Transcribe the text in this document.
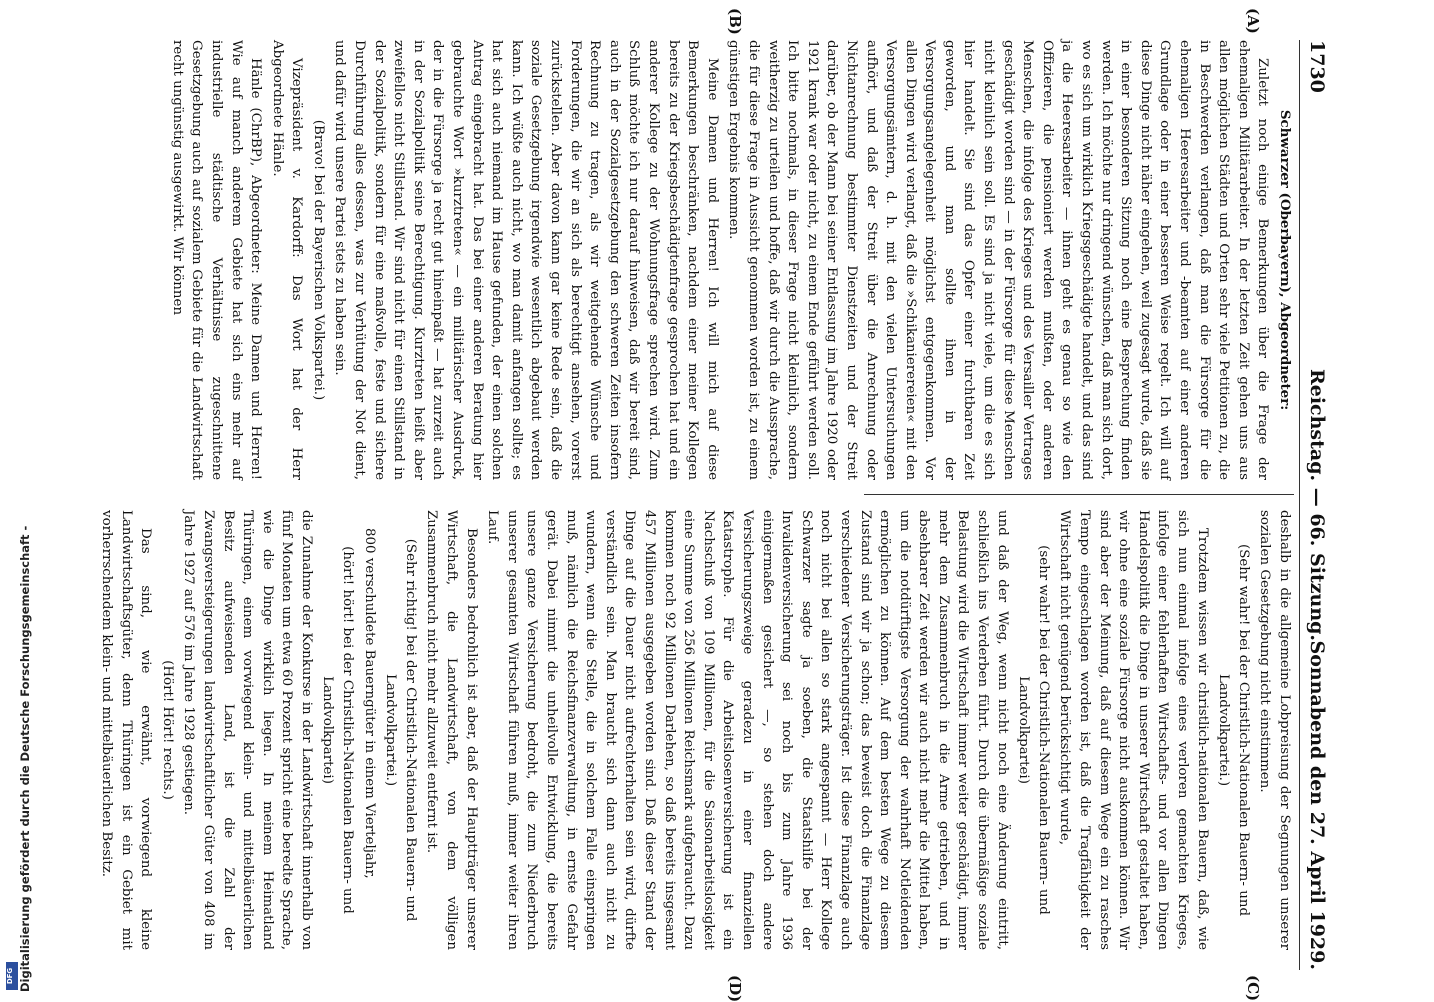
1730
Reichstag. — 66. Sitzung.
Sonnabend den 27. April 1929.
(A)
(B)
(C)
(D)

Schwarzer (Oberbayern), Abgeordneter:

Zuletzt noch einige Bemerkungen über die Frage der ehemaligen Militärarbeiter. In der letzten Zeit gehen uns aus allen möglichen Städten und Orten sehr viele Petitionen zu, die in Beschwerden verlangen, daß man die Fürsorge für die ehemaligen Heeresarbeiter und -beamten auf einer anderen Grundlage oder in einer besseren Weise regelt. Ich will auf diese Dinge nicht näher eingehen, weil zugesagt wurde, daß sie in einer besonderen Sitzung noch eine Besprechung finden werden. Ich möchte nur dringend wünschen, daß man sich dort, wo es sich um wirklich Kriegsgeschädigte handelt, und das sind ja die Heeresarbeiter — ihnen geht es genau so wie den Offizieren, die pensioniert werden mußten, oder anderen Menschen, die infolge des Krieges und des Versailler Vertrages geschädigt worden sind — in der Fürsorge für diese Menschen nicht kleinlich sein soll. Es sind ja nicht viele, um die es sich hier handelt. Sie sind das Opfer einer furchtbaren Zeit geworden, und man sollte ihnen in der Versorgungsangelegenheit möglichst entgegenkommen. Vor allen Dingen wird verlangt, daß die »Schikanierereien« mit den Versorgungsämtern, d. h. mit den vielen Untersuchungen aufhört, und daß der Streit über die Anrechnung oder Nichtanrechnung bestimmter Dienstzeiten und der Streit darüber, ob der Mann bei seiner Entlassung im Jahre 1920 oder 1921 krank war oder nicht, zu einem Ende geführt werden soll. Ich bitte nochmals, in dieser Frage nicht kleinlich, sondern weitherzig zu urteilen und hoffe, daß wir durch die Aussprache, die für diese Frage in Aussicht genommen worden ist, zu einem günstigen Ergebnis kommen.

Meine Damen und Herren! Ich will mich auf diese Bemerkungen beschränken, nachdem einer meiner Kollegen bereits zu der Kriegsbeschädigtenfrage gesprochen hat und ein anderer Kollege zu der Wohnungsfrage sprechen wird. Zum Schluß möchte ich nur darauf hinweisen, daß wir bereit sind, auch in der Sozialgesetzgebung den schweren Zeiten insofern Rechnung zu tragen, als wir weitgehende Wünsche und Forderungen, die wir an sich als berechtigt ansehen, vorerst zurückstellen. Aber davon kann gar keine Rede sein, daß die soziale Gesetzgebung irgendwie wesentlich abgebaut werden kann. Ich wüßte auch nicht, wo man damit anfangen sollte; es hat sich auch niemand im Hause gefunden, der einen solchen Antrag eingebracht hat. Das bei einer anderen Beratung hier gebrauchte Wort »kurztreten« — ein militärischer Ausdruck, der in die Fürsorge ja recht gut hineinpaßt — hat zurzeit auch in der Sozialpolitik seine Berechtigung. Kurztreten heißt aber zweifellos nicht Stillstand. Wir sind nicht für einen Stillstand in der Sozialpolitik, sondern für eine maßvolle, feste und sichere Durchführung alles dessen, was zur Verhütung der Not dient, und dafür wird unsere Partei stets zu haben sein.

(Bravo! bei der Bayerischen Volkspartei.)

Vizepräsident v. Kardorff: Das Wort hat der Herr Abgeordnete Hänle.

Hänle (ChrBP), Abgeordneter: Meine Damen und Herren! Wie auf manch anderem Gebiete hat sich eins mehr auf industrielle städtische Verhältnisse zugeschnittene Gesetzgebung auch auf sozialem Gebiete für die Landwirtschaft recht ungünstig ausgewirkt. Wir können

deshalb in die allgemeine Lobpreisung der Segnungen unserer sozialen Gesetzgebung nicht einstimmen.

(Sehr wahr! bei der Christlich-Nationalen Bauern- und Landvolkpartei.)

Trotzdem wissen wir christlich-nationalen Bauern, daß, wie sich nun einmal infolge eines verloren gemachten Krieges, infolge einer fehlerhaften Wirtschafts- und vor allen Dingen Handelspolitik die Dinge in unserer Wirtschaft gestaltet haben, wir ohne eine soziale Fürsorge nicht auskommen können. Wir sind aber der Meinung, daß auf diesem Wege ein zu rasches Tempo eingeschlagen worden ist, daß die Tragfähigkeit der Wirtschaft nicht genügend berücksichtigt wurde,

(sehr wahr! bei der Christlich-Nationalen Bauern- und Landvolkpartei)

und daß der Weg, wenn nicht noch eine Änderung eintritt, schließlich ins Verderben führt. Durch die übermäßige soziale Belastung wird die Wirtschaft immer weiter geschädigt, immer mehr dem Zusammenbruch in die Arme getrieben, und in absehbarer Zeit werden wir auch nicht mehr die Mittel haben, um die notdürftigste Versorgung der wahrhaft Notleidenden ermöglichen zu können. Auf dem besten Wege zu diesem Zustand sind wir ja schon; das beweist doch die Finanzlage verschiedener Versicherungsträger. Ist diese Finanzlage auch noch nicht bei allen so stark angespannt — Herr Kollege Schwarzer sagte ja soeben, die Staatshilfe bei der Invalidenversicherung sei noch bis zum Jahre 1936 einigermaßen gesichert —, so stehen doch andere Versicherungszweige geradezu in einer finanziellen Katastrophe. Für die Arbeitslosenversicherung ist ein Nachschuß von 109 Millionen, für die Saisonarbeitslosigkeit eine Summe von 256 Millionen Reichsmark aufgebraucht. Dazu kommen noch 92 Millionen Darlehen, so daß bereits insgesamt 457 Millionen ausgegeben worden sind. Daß dieser Stand der Dinge auf die Dauer nicht aufrechterhalten sein wird, dürfte verständlich sein. Man braucht sich dann auch nicht zu wundern, wenn die Stelle, die in solchem Falle einspringen muß, nämlich die Reichsfinanzverwaltung, in ernste Gefahr gerät. Dabei nimmt die unheilvolle Entwicklung, die bereits unsere ganze Versicherung bedroht, die zum Niederbruch unserer gesamten Wirtschaft führen muß, immer weiter ihren Lauf.

Besonders bedrohlich ist aber, daß der Hauptträger unserer Wirtschaft, die Landwirtschaft, von dem völligen Zusammenbruch nicht mehr allzuweit entfernt ist.

(Sehr richtig! bei der Christlich-Nationalen Bauern- und Landvolkpartei.)

800 verschuldete Bauerngüter in einem Vierteljahr,

(hört! hört! bei der Christlich-Nationalen Bauern- und Landvolkpartei)

die Zunahme der Konkurse in der Landwirtschaft innerhalb von fünf Monaten um etwa 60 Prozent spricht eine beredte Sprache, wie die Dinge wirklich liegen. In meinem Heimatland Thüringen, einem vorwiegend klein- und mittelbäuerlichen Besitz aufweisenden Land, ist die Zahl der Zwangsversteigerungen landwirtschaftlicher Güter von 408 im Jahre 1927 auf 576 im Jahre 1928 gestiegen.

(Hört! Hört! rechts.)

Das sind, wie erwähnt, vorwiegend kleine Landwirtschaftsgüter, denn Thüringen ist ein Gebiet mit vorherrschendem klein- und mittelbäuerlichen Besitz.

Digitalisierung gefördert durch die Deutsche Forschungsgemeinschaft -
DFG
